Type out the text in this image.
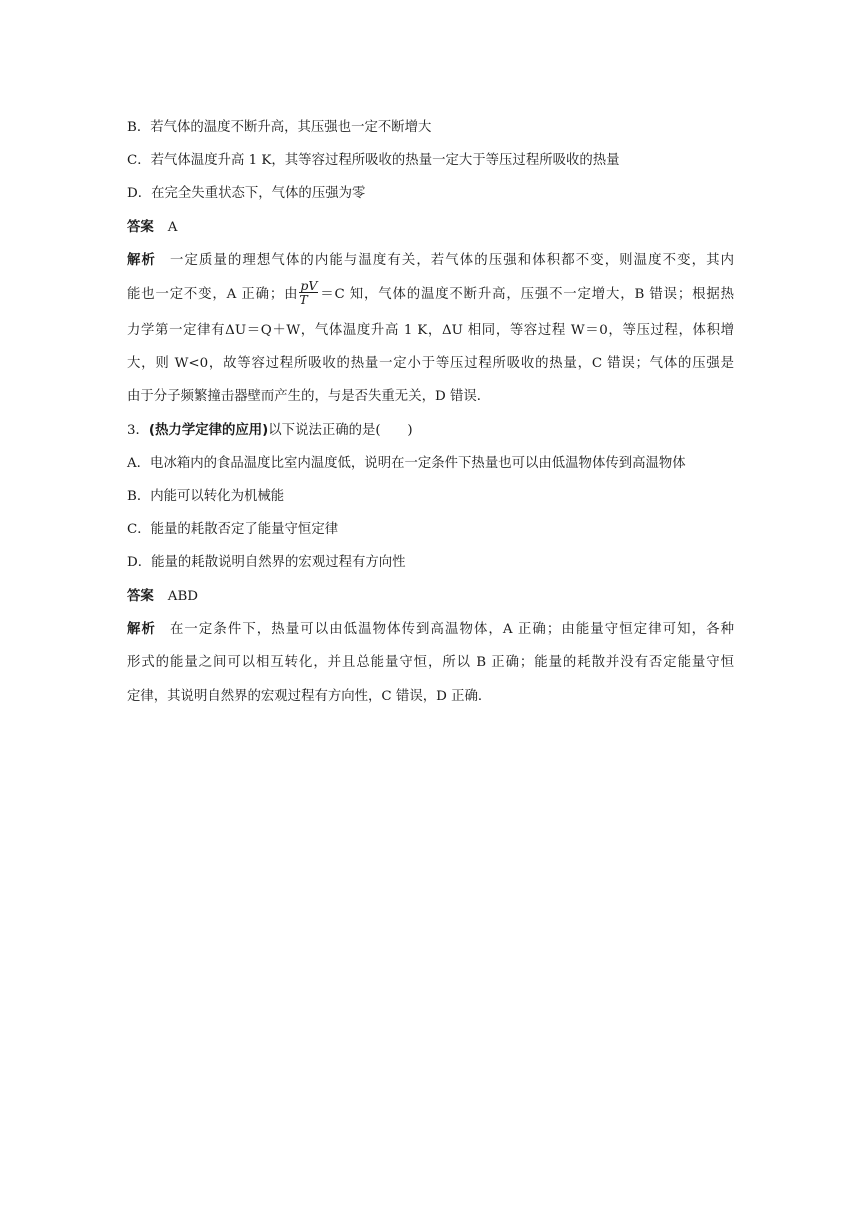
B．若气体的温度不断升高，其压强也一定不断增大
C．若气体温度升高 1 K，其等容过程所吸收的热量一定大于等压过程所吸收的热量
D．在完全失重状态下，气体的压强为零
答案 A
解析 一定质量的理想气体的内能与温度有关，若气体的压强和体积都不变，则温度不变，其内
能也一定不变，A 正确；由 $\frac{pV}{T} =C$ 知，气体的温度不断升高，压强不一定增大，B 错误；根据热
力学第一定律有ΔU＝Q＋W，气体温度升高 1 K，ΔU 相同，等容过程 W＝0，等压过程，体积增
大，则 W<0，故等容过程所吸收的热量一定小于等压过程所吸收的热量，C 错误；气体的压强是
由于分子频繁撞击器壁而产生的，与是否失重无关，D 错误．
3．(热力学定律的应用)以下说法正确的是(　　)
A．电冰箱内的食品温度比室内温度低，说明在一定条件下热量也可以由低温物体传到高温物体
B．内能可以转化为机械能
C．能量的耗散否定了能量守恒定律
D．能量的耗散说明自然界的宏观过程有方向性
答案 ABD
解析 在一定条件下，热量可以由低温物体传到高温物体，A 正确；由能量守恒定律可知，各种
形式的能量之间可以相互转化，并且总能量守恒，所以 B 正确；能量的耗散并没有否定能量守恒
定律，其说明自然界的宏观过程有方向性，C 错误，D 正确．
